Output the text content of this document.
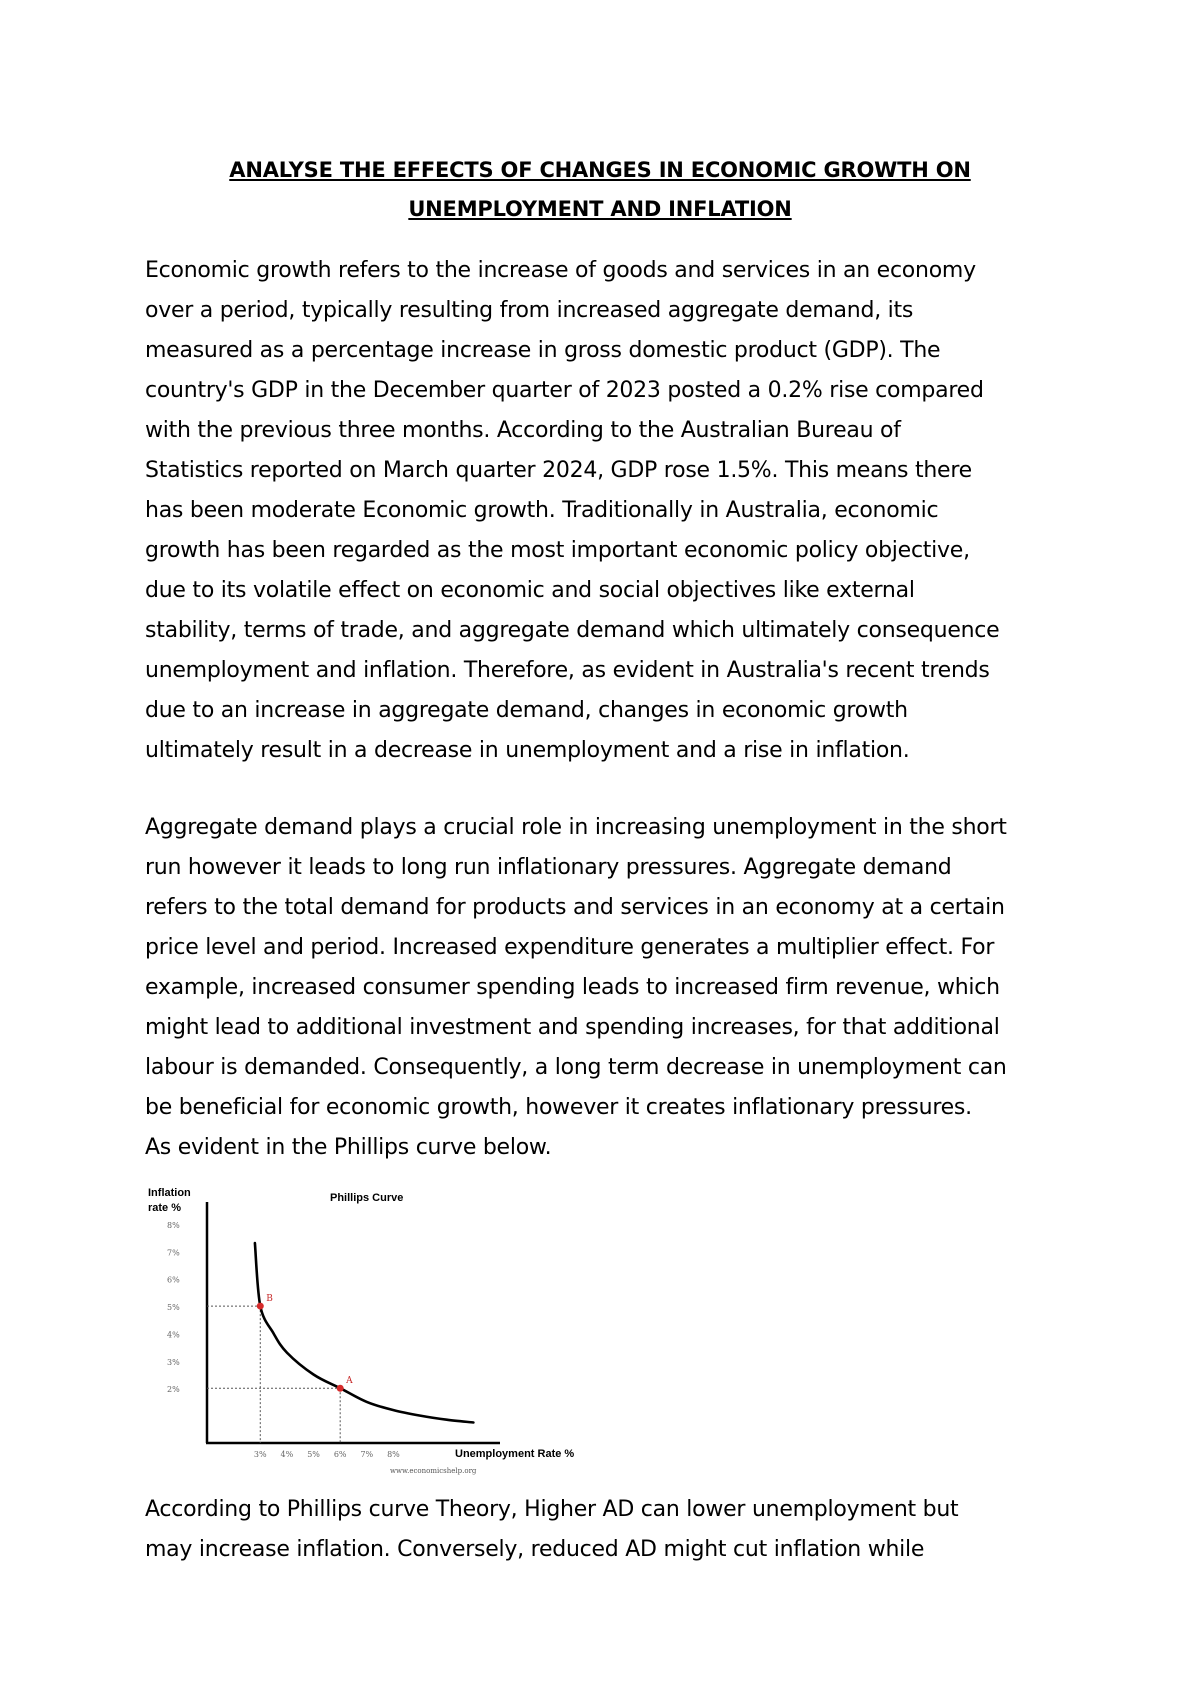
ANALYSE THE EFFECTS OF CHANGES IN ECONOMIC GROWTH ON
UNEMPLOYMENT AND INFLATION

Economic growth refers to the increase of goods and services in an economy
over a period, typically resulting from increased aggregate demand, its
measured as a percentage increase in gross domestic product (GDP). The
country's GDP in the December quarter of 2023 posted a 0.2% rise compared
with the previous three months. According to the Australian Bureau of
Statistics reported on March quarter 2024, GDP rose 1.5%. This means there
has been moderate Economic growth. Traditionally in Australia, economic
growth has been regarded as the most important economic policy objective,
due to its volatile effect on economic and social objectives like external
stability, terms of trade, and aggregate demand which ultimately consequence
unemployment and inflation. Therefore, as evident in Australia's recent trends
due to an increase in aggregate demand, changes in economic growth
ultimately result in a decrease in unemployment and a rise in inflation.

Aggregate demand plays a crucial role in increasing unemployment in the short
run however it leads to long run inflationary pressures. Aggregate demand
refers to the total demand for products and services in an economy at a certain
price level and period. Increased expenditure generates a multiplier effect. For
example, increased consumer spending leads to increased firm revenue, which
might lead to additional investment and spending increases, for that additional
labour is demanded. Consequently, a long term decrease in unemployment can
be beneficial for economic growth, however it creates inflationary pressures.
As evident in the Phillips curve below.

Inflation rate %
Phillips Curve
2%
3%
4%
5%
6%
7%
8%
3% 4% 5% 6% 7% 8%
A
B
Unemployment Rate %
www.economicshelp.org

According to Phillips curve Theory, Higher AD can lower unemployment but
may increase inflation. Conversely, reduced AD might cut inflation while
